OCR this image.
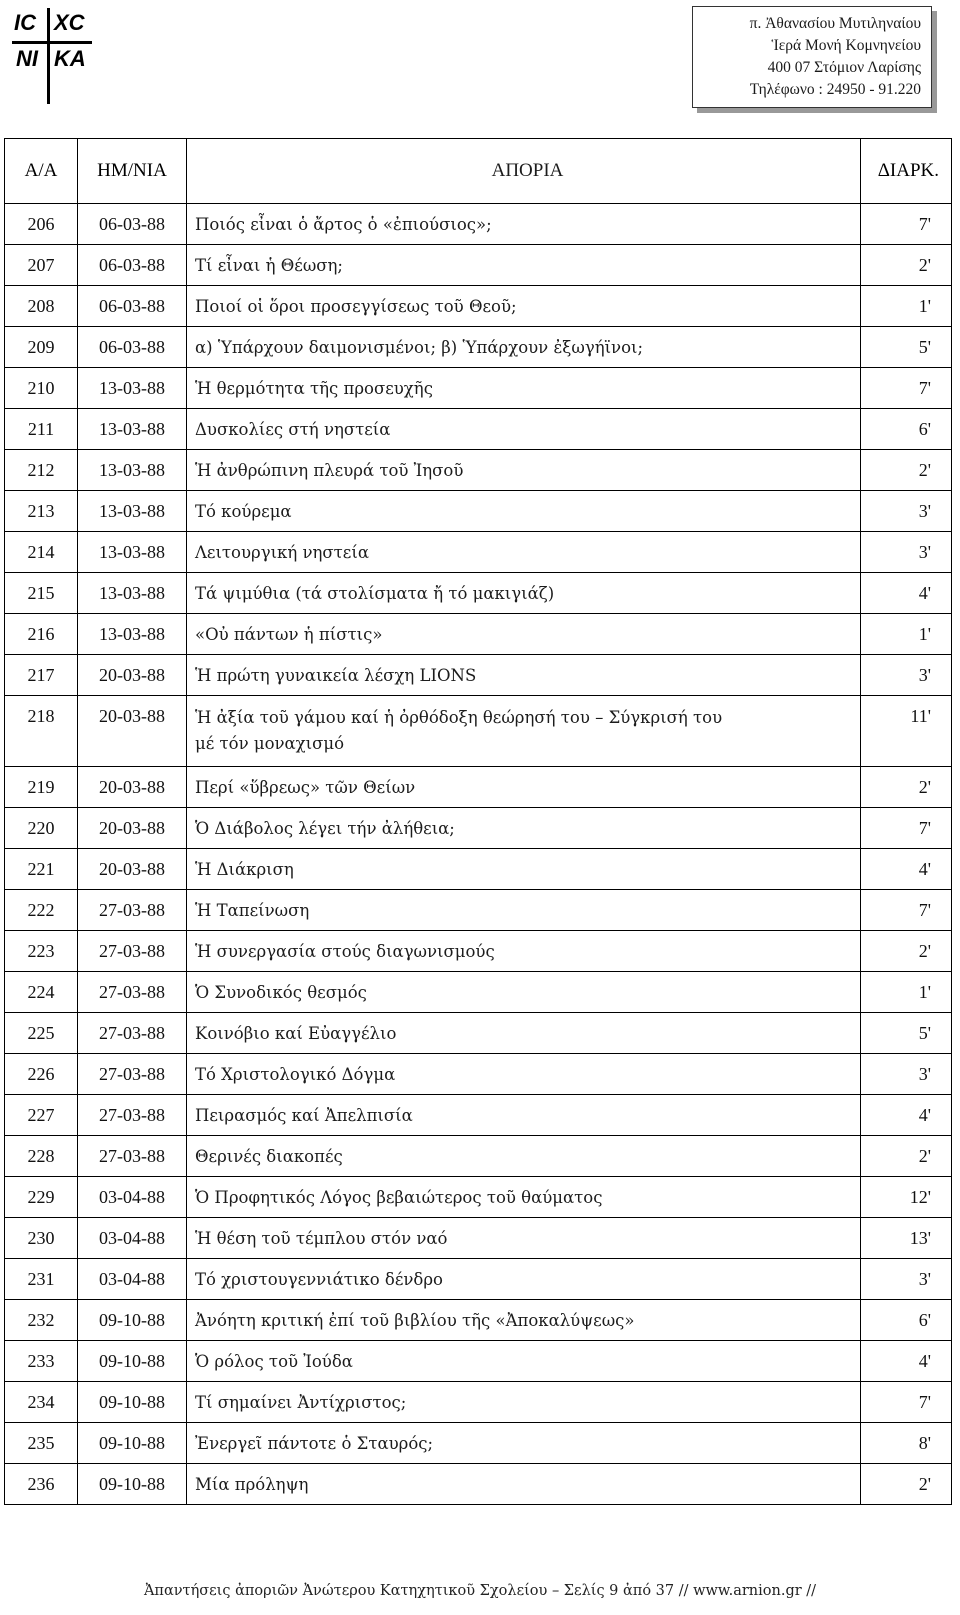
IC XC
NI KA
π. Ἀθανασίου Μυτιληναίου
Ἱερά Μονή Κομνηνείου
400 07 Στόμιον Λαρίσης
Τηλέφωνο : 24950 - 91.220
Α/Α	ΗΜ/ΝΙΑ	ΑΠΟΡΙΑ	ΔΙΑΡΚ.
206	06-03-88	Ποιός εἶναι ὁ ἄρτος ὁ «ἐπιούσιος»;	7'
207	06-03-88	Τί εἶναι ἡ Θέωση;	2'
208	06-03-88	Ποιοί οἱ ὅροι προσεγγίσεως τοῦ Θεοῦ;	1'
209	06-03-88	α) Ὑπάρχουν δαιμονισμένοι; β) Ὑπάρχουν ἐξωγήϊνοι;	5'
210	13-03-88	Ἡ θερμότητα τῆς προσευχῆς	7'
211	13-03-88	Δυσκολίες στή νηστεία	6'
212	13-03-88	Ἡ ἀνθρώπινη πλευρά τοῦ Ἰησοῦ	2'
213	13-03-88	Τό κούρεμα	3'
214	13-03-88	Λειτουργική νηστεία	3'
215	13-03-88	Τά ψιμύθια (τά στολίσματα ἤ τό μακιγιάζ)	4'
216	13-03-88	«Οὐ πάντων ἡ πίστις»	1'
217	20-03-88	Ἡ πρώτη γυναικεία λέσχη LIONS	3'
218	20-03-88	Ἡ ἀξία τοῦ γάμου καί ἡ ὀρθόδοξη θεώρησή του – Σύγκρισή του
μέ τόν μοναχισμό	11'
219	20-03-88	Περί «ὕβρεως» τῶν Θείων	2'
220	20-03-88	Ὁ Διάβολος λέγει τήν ἀλήθεια;	7'
221	20-03-88	Ἡ Διάκριση	4'
222	27-03-88	Ἡ Ταπείνωση	7'
223	27-03-88	Ἡ συνεργασία στούς διαγωνισμούς	2'
224	27-03-88	Ὁ Συνοδικός θεσμός	1'
225	27-03-88	Κοινόβιο καί Εὐαγγέλιο	5'
226	27-03-88	Τό Χριστολογικό Δόγμα	3'
227	27-03-88	Πειρασμός καί Ἀπελπισία	4'
228	27-03-88	Θερινές διακοπές	2'
229	03-04-88	Ὁ Προφητικός Λόγος βεβαιώτερος τοῦ θαύματος	12'
230	03-04-88	Ἡ θέση τοῦ τέμπλου στόν ναό	13'
231	03-04-88	Τό χριστουγεννιάτικο δένδρο	3'
232	09-10-88	Ἀνόητη κριτική ἐπί τοῦ βιβλίου τῆς «Ἀποκαλύψεως»	6'
233	09-10-88	Ὁ ρόλος τοῦ Ἰούδα	4'
234	09-10-88	Τί σημαίνει Ἀντίχριστος;	7'
235	09-10-88	Ἐνεργεῖ πάντοτε ὁ Σταυρός;	8'
236	09-10-88	Μία πρόληψη	2'
Ἀπαντήσεις ἀποριῶν Ἀνώτερου Κατηχητικοῦ Σχολείου – Σελίς 9 ἀπό 37 // www.arnion.gr //
